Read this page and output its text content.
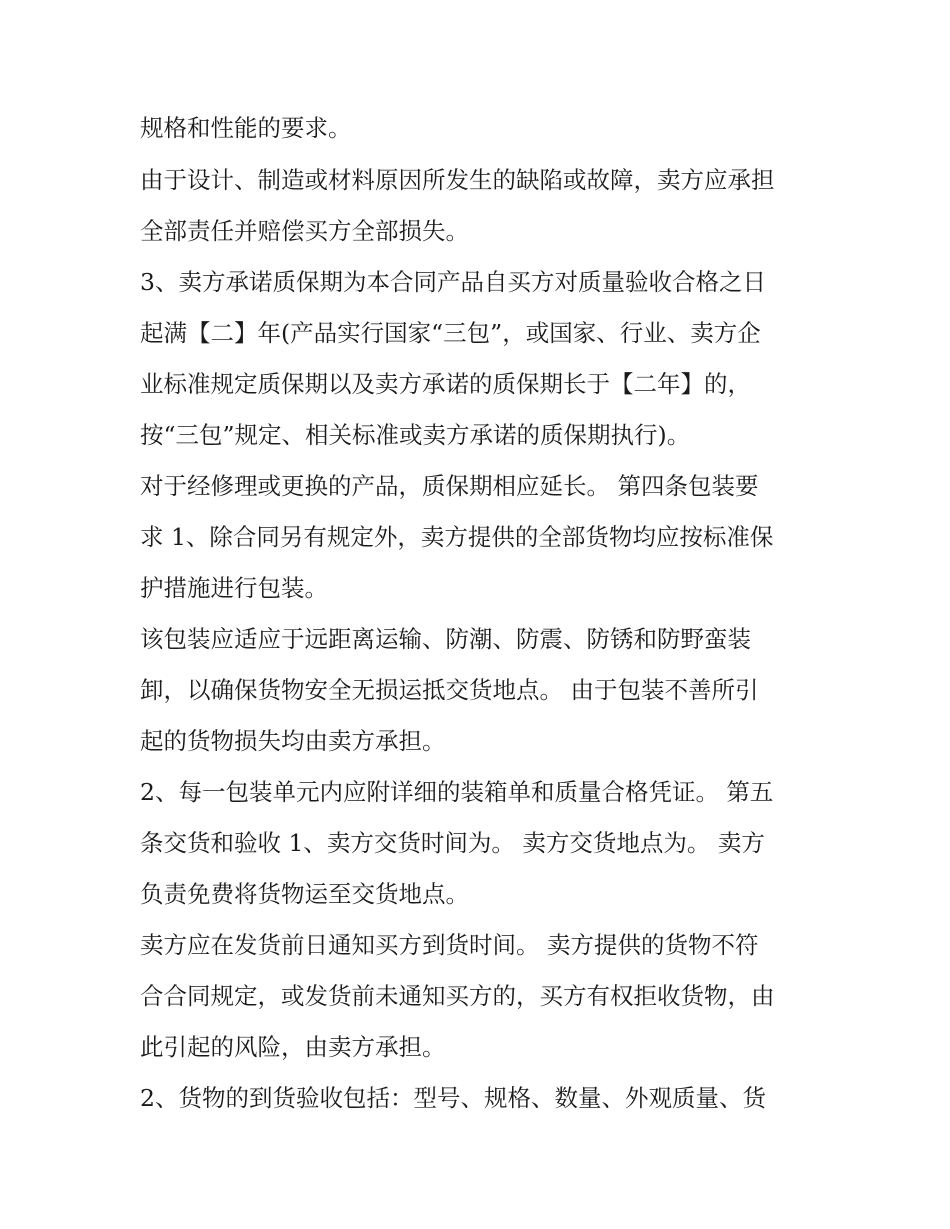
规格和性能的要求。
由于设计、制造或材料原因所发生的缺陷或故障，卖方应承担
全部责任并赔偿买方全部损失。
3、卖方承诺质保期为本合同产品自买方对质量验收合格之日
起满【二】年(产品实行国家“三包”，或国家、行业、卖方企
业标准规定质保期以及卖方承诺的质保期长于【二年】的，
按“三包”规定、相关标准或卖方承诺的质保期执行)。
对于经修理或更换的产品，质保期相应延长。 第四条包装要
求 1、除合同另有规定外，卖方提供的全部货物均应按标准保
护措施进行包装。
该包装应适应于远距离运输、防潮、防震、防锈和防野蛮装
卸，以确保货物安全无损运抵交货地点。 由于包装不善所引
起的货物损失均由卖方承担。
2、每一包装单元内应附详细的装箱单和质量合格凭证。 第五
条交货和验收 1、卖方交货时间为。 卖方交货地点为。 卖方
负责免费将货物运至交货地点。
卖方应在发货前日通知买方到货时间。 卖方提供的货物不符
合合同规定，或发货前未通知买方的，买方有权拒收货物，由
此引起的风险，由卖方承担。
2、货物的到货验收包括：型号、规格、数量、外观质量、货
